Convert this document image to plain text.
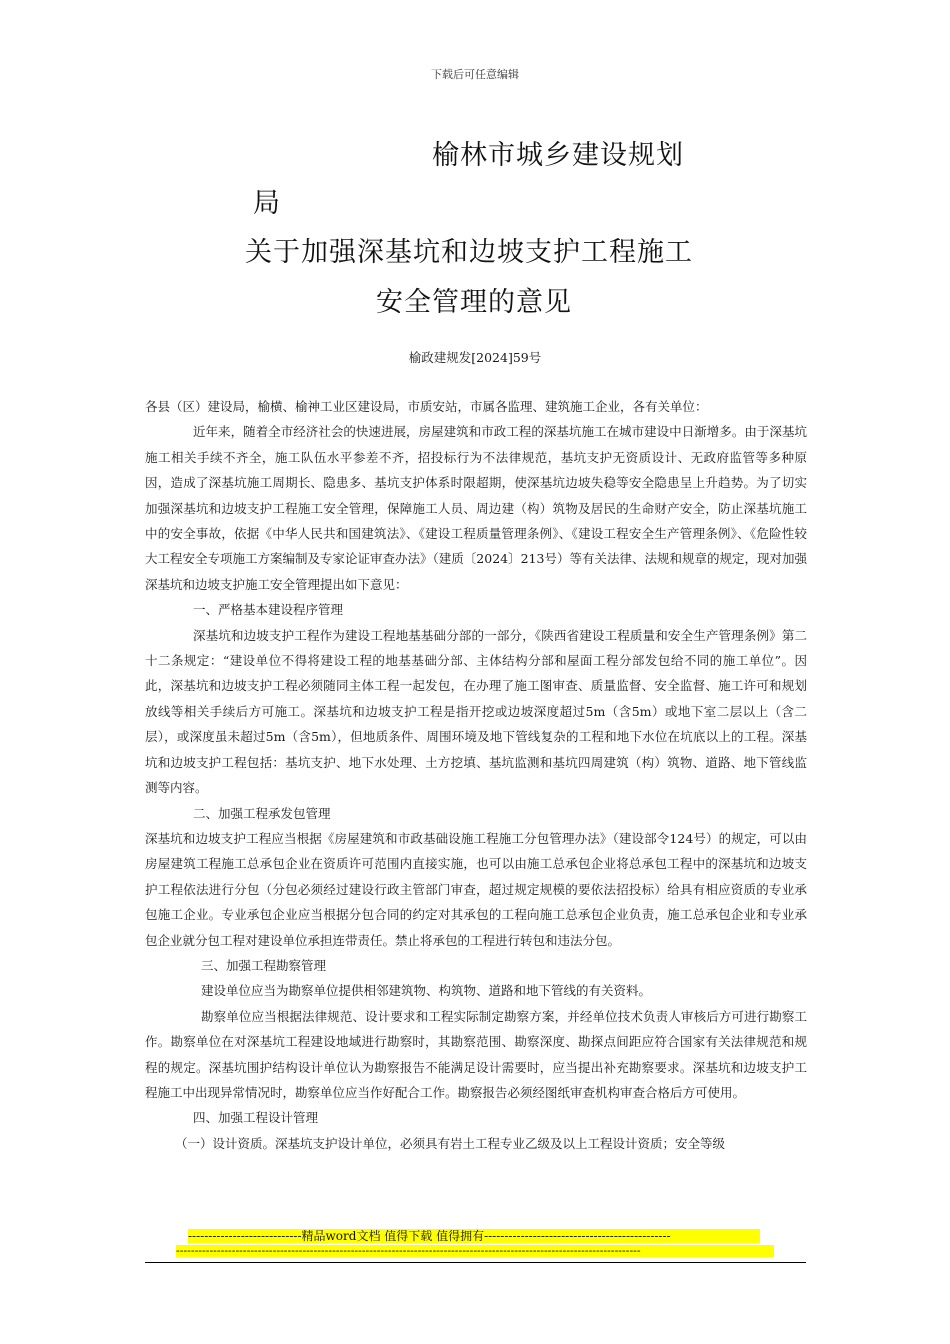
下载后可任意编辑
榆林市城乡建设规划
局
关于加强深基坑和边坡支护工程施工
安全管理的意见
榆政建规发[2024]59号

各县（区）建设局，榆横、榆神工业区建设局，市质安站，市属各监理、建筑施工企业，各有关单位：

近年来，随着全市经济社会的快速进展，房屋建筑和市政工程的深基坑施工在城市建设中日渐增多。由于深基坑施工相关手续不齐全，施工队伍水平参差不齐，招投标行为不法律规范，基坑支护无资质设计、无政府监管等多种原因，造成了深基坑施工周期长、隐患多、基坑支护体系时限超期，使深基坑边坡失稳等安全隐患呈上升趋势。为了切实加强深基坑和边坡支护工程施工安全管理，保障施工人员、周边建（构）筑物及居民的生命财产安全，防止深基坑施工中的安全事故，依据《中华人民共和国建筑法》、《建设工程质量管理条例》、《建设工程安全生产管理条例》、《危险性较大工程安全专项施工方案编制及专家论证审查办法》（建质〔2024〕213号）等有关法律、法规和规章的规定，现对加强深基坑和边坡支护施工安全管理提出如下意见：

一、严格基本建设程序管理

深基坑和边坡支护工程作为建设工程地基基础分部的一部分，《陕西省建设工程质量和安全生产管理条例》第二十二条规定：“建设单位不得将建设工程的地基基础分部、主体结构分部和屋面工程分部发包给不同的施工单位”。因此，深基坑和边坡支护工程必须随同主体工程一起发包，在办理了施工图审查、质量监督、安全监督、施工许可和规划放线等相关手续后方可施工。深基坑和边坡支护工程是指开挖或边坡深度超过5m（含5m）或地下室二层以上（含二层），或深度虽未超过5m（含5m），但地质条件、周围环境及地下管线复杂的工程和地下水位在坑底以上的工程。深基坑和边坡支护工程包括：基坑支护、地下水处理、土方挖填、基坑监测和基坑四周建筑（构）筑物、道路、地下管线监测等内容。

二、加强工程承发包管理

深基坑和边坡支护工程应当根据《房屋建筑和市政基础设施工程施工分包管理办法》（建设部令124号）的规定，可以由房屋建筑工程施工总承包企业在资质许可范围内直接实施，也可以由施工总承包企业将总承包工程中的深基坑和边坡支护工程依法进行分包（分包必须经过建设行政主管部门审查，超过规定规模的要依法招投标）给具有相应资质的专业承包施工企业。专业承包企业应当根据分包合同的约定对其承包的工程向施工总承包企业负责，施工总承包企业和专业承包企业就分包工程对建设单位承担连带责任。禁止将承包的工程进行转包和违法分包。

三、加强工程勘察管理

建设单位应当为勘察单位提供相邻建筑物、构筑物、道路和地下管线的有关资料。

勘察单位应当根据法律规范、设计要求和工程实际制定勘察方案，并经单位技术负责人审核后方可进行勘察工作。勘察单位在对深基坑工程建设地域进行勘察时，其勘察范围、勘察深度、勘探点间距应符合国家有关法律规范和规程的规定。深基坑围护结构设计单位认为勘察报告不能满足设计需要时，应当提出补充勘察要求。深基坑和边坡支护工程施工中出现异常情况时，勘察单位应当作好配合工作。勘察报告必须经图纸审查机构审查合格后方可使用。

四、加强工程设计管理

（一）设计资质。深基坑支护设计单位，必须具有岩土工程专业乙级及以上工程设计资质；安全等级

----------------------------精品word文档 值得下载 值得拥有----------------------------------------------
-----------------------------------------------------------------------------------------------------------------------------
